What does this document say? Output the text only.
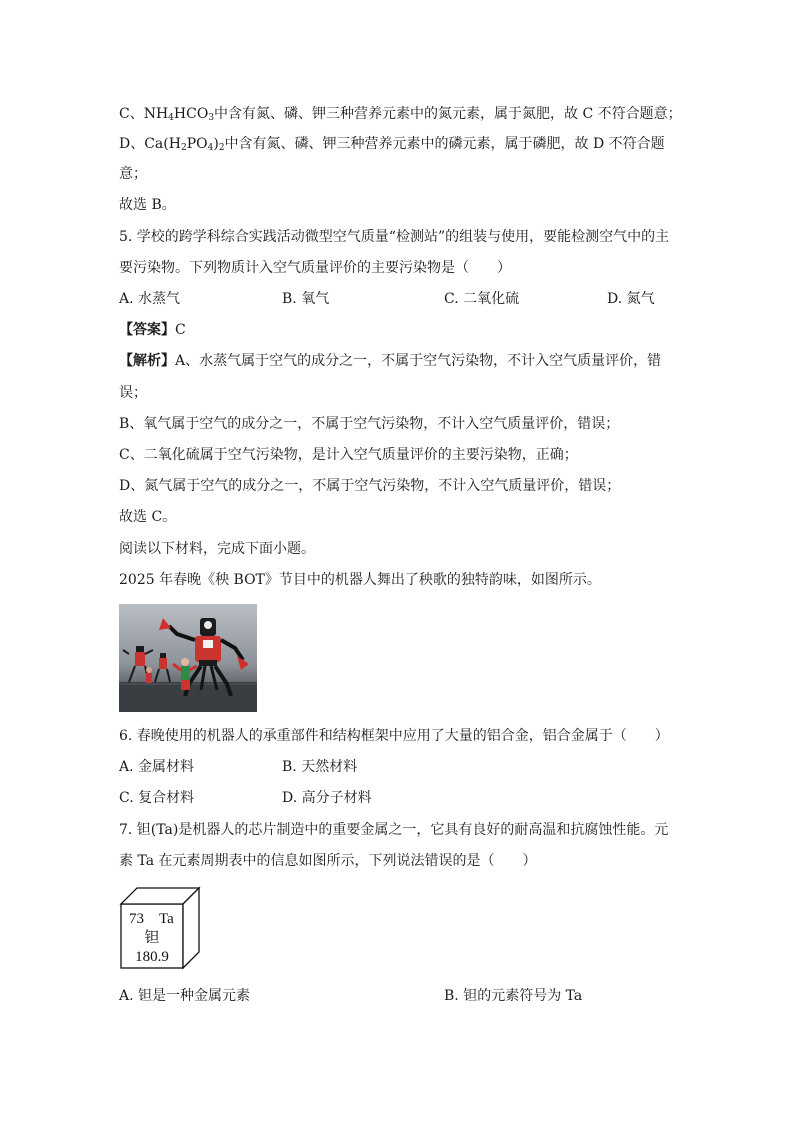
C、$NH_4HCO_3$中含有氮、磷、钾三种营养元素中的氮元素，属于氮肥，故 C 不符合题意；
D、$Ca(H_2PO_4)_2$中含有氮、磷、钾三种营养元素中的磷元素，属于磷肥，故 D 不符合题
意；
故选 B。
5. 学校的跨学科综合实践活动微型空气质量“检测站”的组装与使用，要能检测空气中的主
要污染物。下列物质计入空气质量评价的主要污染物是（　　）
A. 水蒸气	B. 氧气	C. 二氧化硫	D. 氮气
【答案】C
【解析】A、水蒸气属于空气的成分之一，不属于空气污染物，不计入空气质量评价，错
误；
B、氧气属于空气的成分之一，不属于空气污染物，不计入空气质量评价，错误；
C、二氧化硫属于空气污染物，是计入空气质量评价的主要污染物，正确；
D、氮气属于空气的成分之一，不属于空气污染物，不计入空气质量评价，错误；
故选 C。
阅读以下材料，完成下面小题。
2025 年春晚《秧 BOT》节目中的机器人舞出了秧歌的独特韵味，如图所示。
6. 春晚使用的机器人的承重部件和结构框架中应用了大量的铝合金，铝合金属于（　　）
A. 金属材料	B. 天然材料
C. 复合材料	D. 高分子材料
7. 钽(Ta)是机器人的芯片制造中的重要金属之一，它具有良好的耐高温和抗腐蚀性能。元
素 Ta 在元素周期表中的信息如图所示，下列说法错误的是（　　）
73 Ta
钽
180.9
A. 钽是一种金属元素	B. 钽的元素符号为 Ta
